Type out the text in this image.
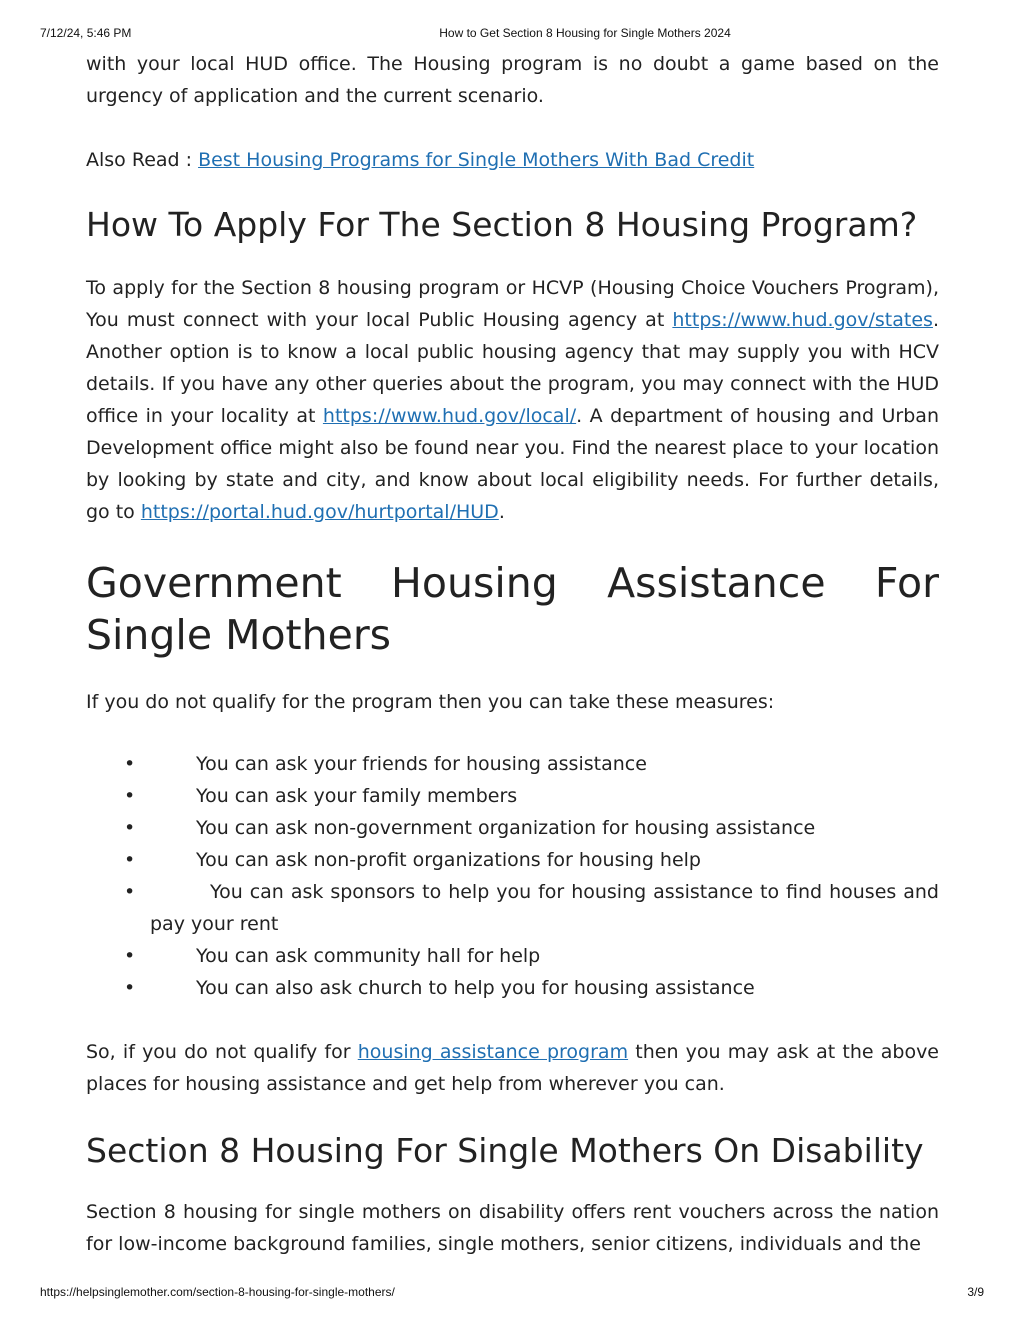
7/12/24, 5:46 PM	How to Get Section 8 Housing for Single Mothers 2024

with your local HUD office. The Housing program is no doubt a game based on the urgency of application and the current scenario.

Also Read : Best Housing Programs for Single Mothers With Bad Credit

How To Apply For The Section 8 Housing Program?

To apply for the Section 8 housing program or HCVP (Housing Choice Vouchers Program), You must connect with your local Public Housing agency at https://www.hud.gov/states. Another option is to know a local public housing agency that may supply you with HCV details. If you have any other queries about the program, you may connect with the HUD office in your locality at https://www.hud.gov/local/. A department of housing and Urban Development office might also be found near you. Find the nearest place to your location by looking by state and city, and know about local eligibility needs. For further details, go to https://portal.hud.gov/hurtportal/HUD.

Government Housing Assistance For Single Mothers

If you do not qualify for the program then you can take these measures:

•	You can ask your friends for housing assistance
•	You can ask your family members
•	You can ask non-government organization for housing assistance
•	You can ask non-profit organizations for housing help
•	You can ask sponsors to help you for housing assistance to find houses and pay your rent
•	You can ask community hall for help
•	You can also ask church to help you for housing assistance

So, if you do not qualify for housing assistance program then you may ask at the above places for housing assistance and get help from wherever you can.

Section 8 Housing For Single Mothers On Disability

Section 8 housing for single mothers on disability offers rent vouchers across the nation for low-income background families, single mothers, senior citizens, individuals and the

https://helpsinglemother.com/section-8-housing-for-single-mothers/	3/9
